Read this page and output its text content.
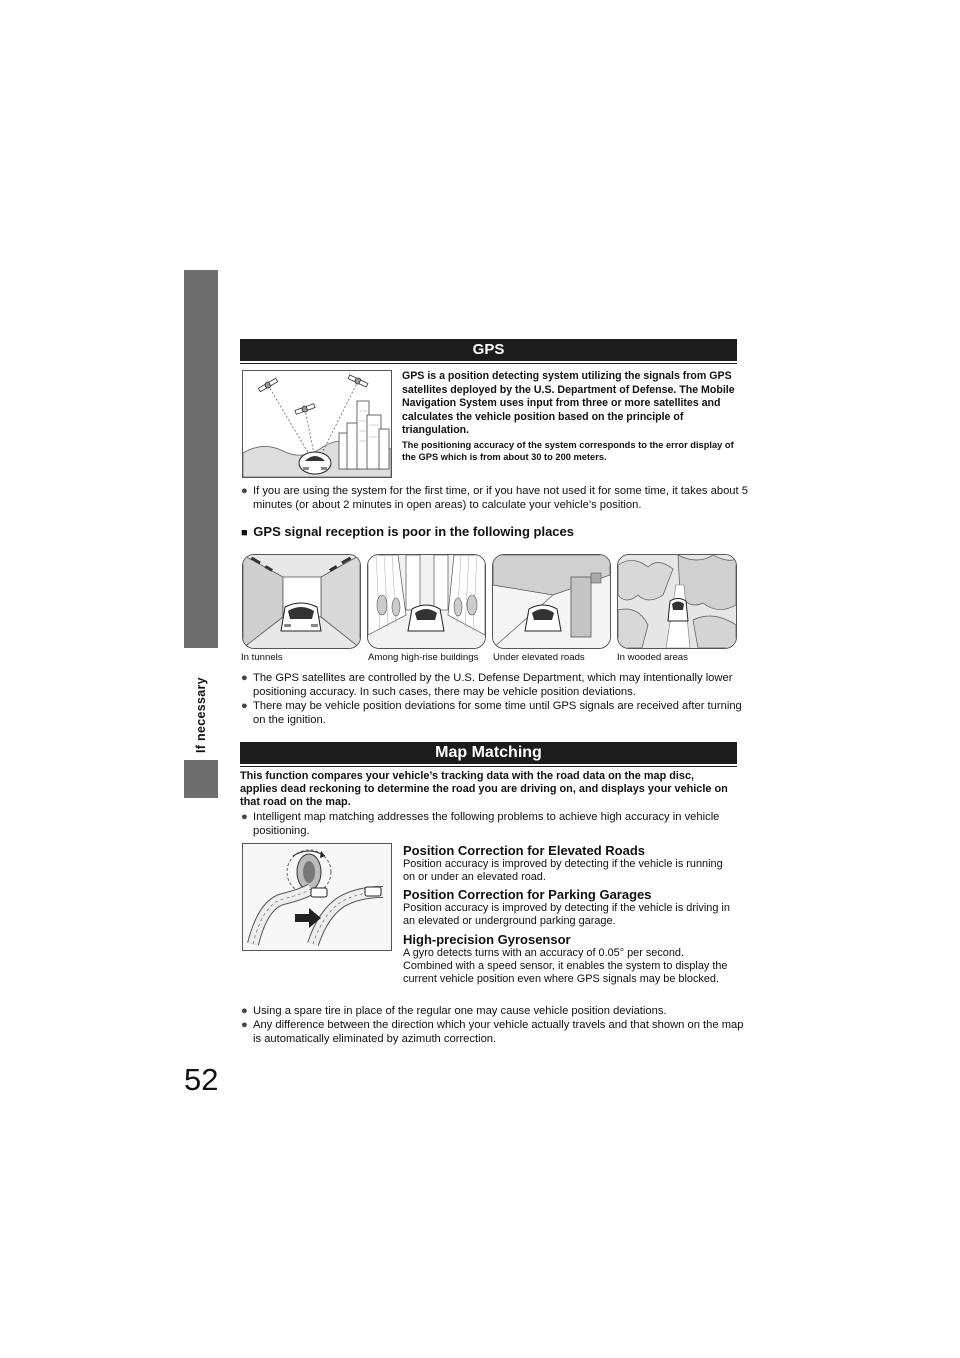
If necessary
52
GPS
GPS is a position detecting system utilizing the signals from GPS satellites deployed by the U.S. Department of Defense. The Mobile Navigation System uses input from three or more satellites and calculates the vehicle position based on the principle of triangulation.
The positioning accuracy of the system corresponds to the error display of the GPS which is from about 30 to 200 meters.
● If you are using the system for the first time, or if you have not used it for some time, it takes about 5 minutes (or about 2 minutes in open areas) to calculate your vehicle’s position.
■ GPS signal reception is poor in the following places
In tunnels	Among high-rise buildings Under elevated roads	In wooded areas
● The GPS satellites are controlled by the U.S. Defense Department, which may intentionally lower positioning accuracy. In such cases, there may be vehicle position deviations.
● There may be vehicle position deviations for some time until GPS signals are received after turning on the ignition.
Map Matching
This function compares your vehicle’s tracking data with the road data on the map disc, applies dead reckoning to determine the road you are driving on, and displays your vehicle on that road on the map.
● Intelligent map matching addresses the following problems to achieve high accuracy in vehicle positioning.
Position Correction for Elevated Roads

Position accuracy is improved by detecting if the vehicle is running on or under an elevated road.

Position Correction for Parking Garages

Position accuracy is improved by detecting if the vehicle is driving in an elevated or underground parking garage.

High-precision Gyrosensor

A gyro detects turns with an accuracy of 0.05° per second. Combined with a speed sensor, it enables the system to display the current vehicle position even where GPS signals may be blocked.

● Using a spare tire in place of the regular one may cause vehicle position deviations.
● Any difference between the direction which your vehicle actually travels and that shown on the map is automatically eliminated by azimuth correction.
